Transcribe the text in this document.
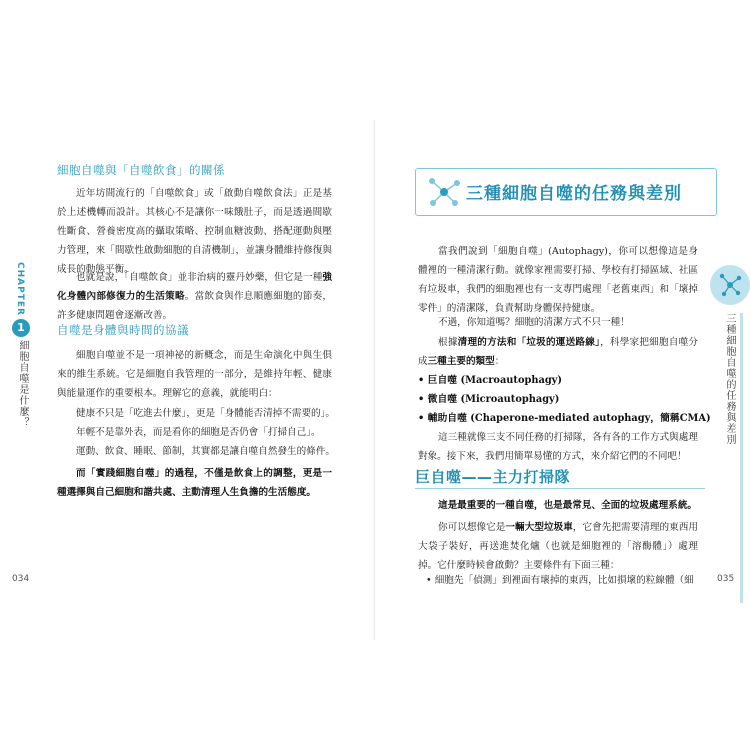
CHAPTER
1
細胞自噬是什麼？
細胞自噬與「自噬飲食」的關係
近年坊間流行的「自噬飲食」或「啟動自噬飲食法」正是基於上述機轉而設計。其核心不是讓你一味餓肚子，而是透過間歇性斷食、營養密度高的攝取策略、控制血糖波動、搭配運動與壓力管理，來「間歇性啟動細胞的自清機制」，並讓身體維持修復與成長的動態平衡。
也就是說，「自噬飲食」並非治病的靈丹妙藥，但它是一種強化身體內部修復力的生活策略。當飲食與作息順應細胞的節奏，許多健康問題會逐漸改善。
自噬是身體與時間的協議
細胞自噬並不是一項神祕的新概念，而是生命演化中與生俱來的維生系統。它是細胞自我管理的一部分，是維持年輕、健康與能量運作的重要根本。理解它的意義，就能明白：
健康不只是「吃進去什麼」，更是「身體能否清掉不需要的」。
年輕不是靠外表，而是看你的細胞是否仍會「打掃自己」。
運動、飲食、睡眠、節制，其實都是讓自噬自然發生的條件。
而「實踐細胞自噬」的過程，不僅是飲食上的調整，更是一種選擇與自己細胞和諧共處、主動清理人生負擔的生活態度。
034
三種細胞自噬的任務與差別
當我們說到「細胞自噬」(Autophagy)，你可以想像這是身體裡的一種清潔行動。就像家裡需要打掃、學校有打掃區域、社區有垃圾車，我們的細胞裡也有一支專門處理「老舊東西」和「壞掉零件」的清潔隊，負責幫助身體保持健康。
不過，你知道嗎？細胞的清潔方式不只一種！
根據清理的方法和「垃圾的運送路線」，科學家把細胞自噬分成三種主要的類型：
• 巨自噬 (Macroautophagy)
• 微自噬 (Microautophagy)
• 輔助自噬 (Chaperone-mediated autophagy，簡稱CMA)
這三種就像三支不同任務的打掃隊，各有各的工作方式與處理對象。接下來，我們用簡單易懂的方式，來介紹它們的不同吧！
巨自噬——主力打掃隊
這是最重要的一種自噬，也是最常見、全面的垃圾處理系統。
你可以想像它是一輛大型垃圾車，它會先把需要清理的東西用大袋子裝好，再送進焚化爐（也就是細胞裡的「溶酶體」）處理掉。它什麼時候會啟動？主要條件有下面三種：
• 細胞先「偵測」到裡面有壞掉的東西，比如損壞的粒線體（細
三種細胞自噬的任務與差別
035
